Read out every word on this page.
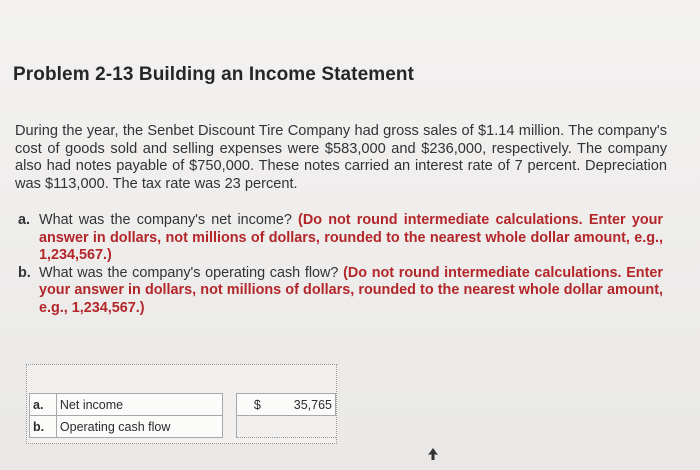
Problem 2-13 Building an Income Statement

During the year, the Senbet Discount Tire Company had gross sales of $1.14 million. The company's cost of goods sold and selling expenses were $583,000 and $236,000, respectively. The company also had notes payable of $750,000. These notes carried an interest rate of 7 percent. Depreciation was $113,000. The tax rate was 23 percent.

a. What was the company's net income? (Do not round intermediate calculations. Enter your answer in dollars, not millions of dollars, rounded to the nearest whole dollar amount, e.g., 1,234,567.)
b. What was the company's operating cash flow? (Do not round intermediate calculations. Enter your answer in dollars, not millions of dollars, rounded to the nearest whole dollar amount, e.g., 1,234,567.)
a.	Net income		$	35,765
b.	Operating cash flow			
